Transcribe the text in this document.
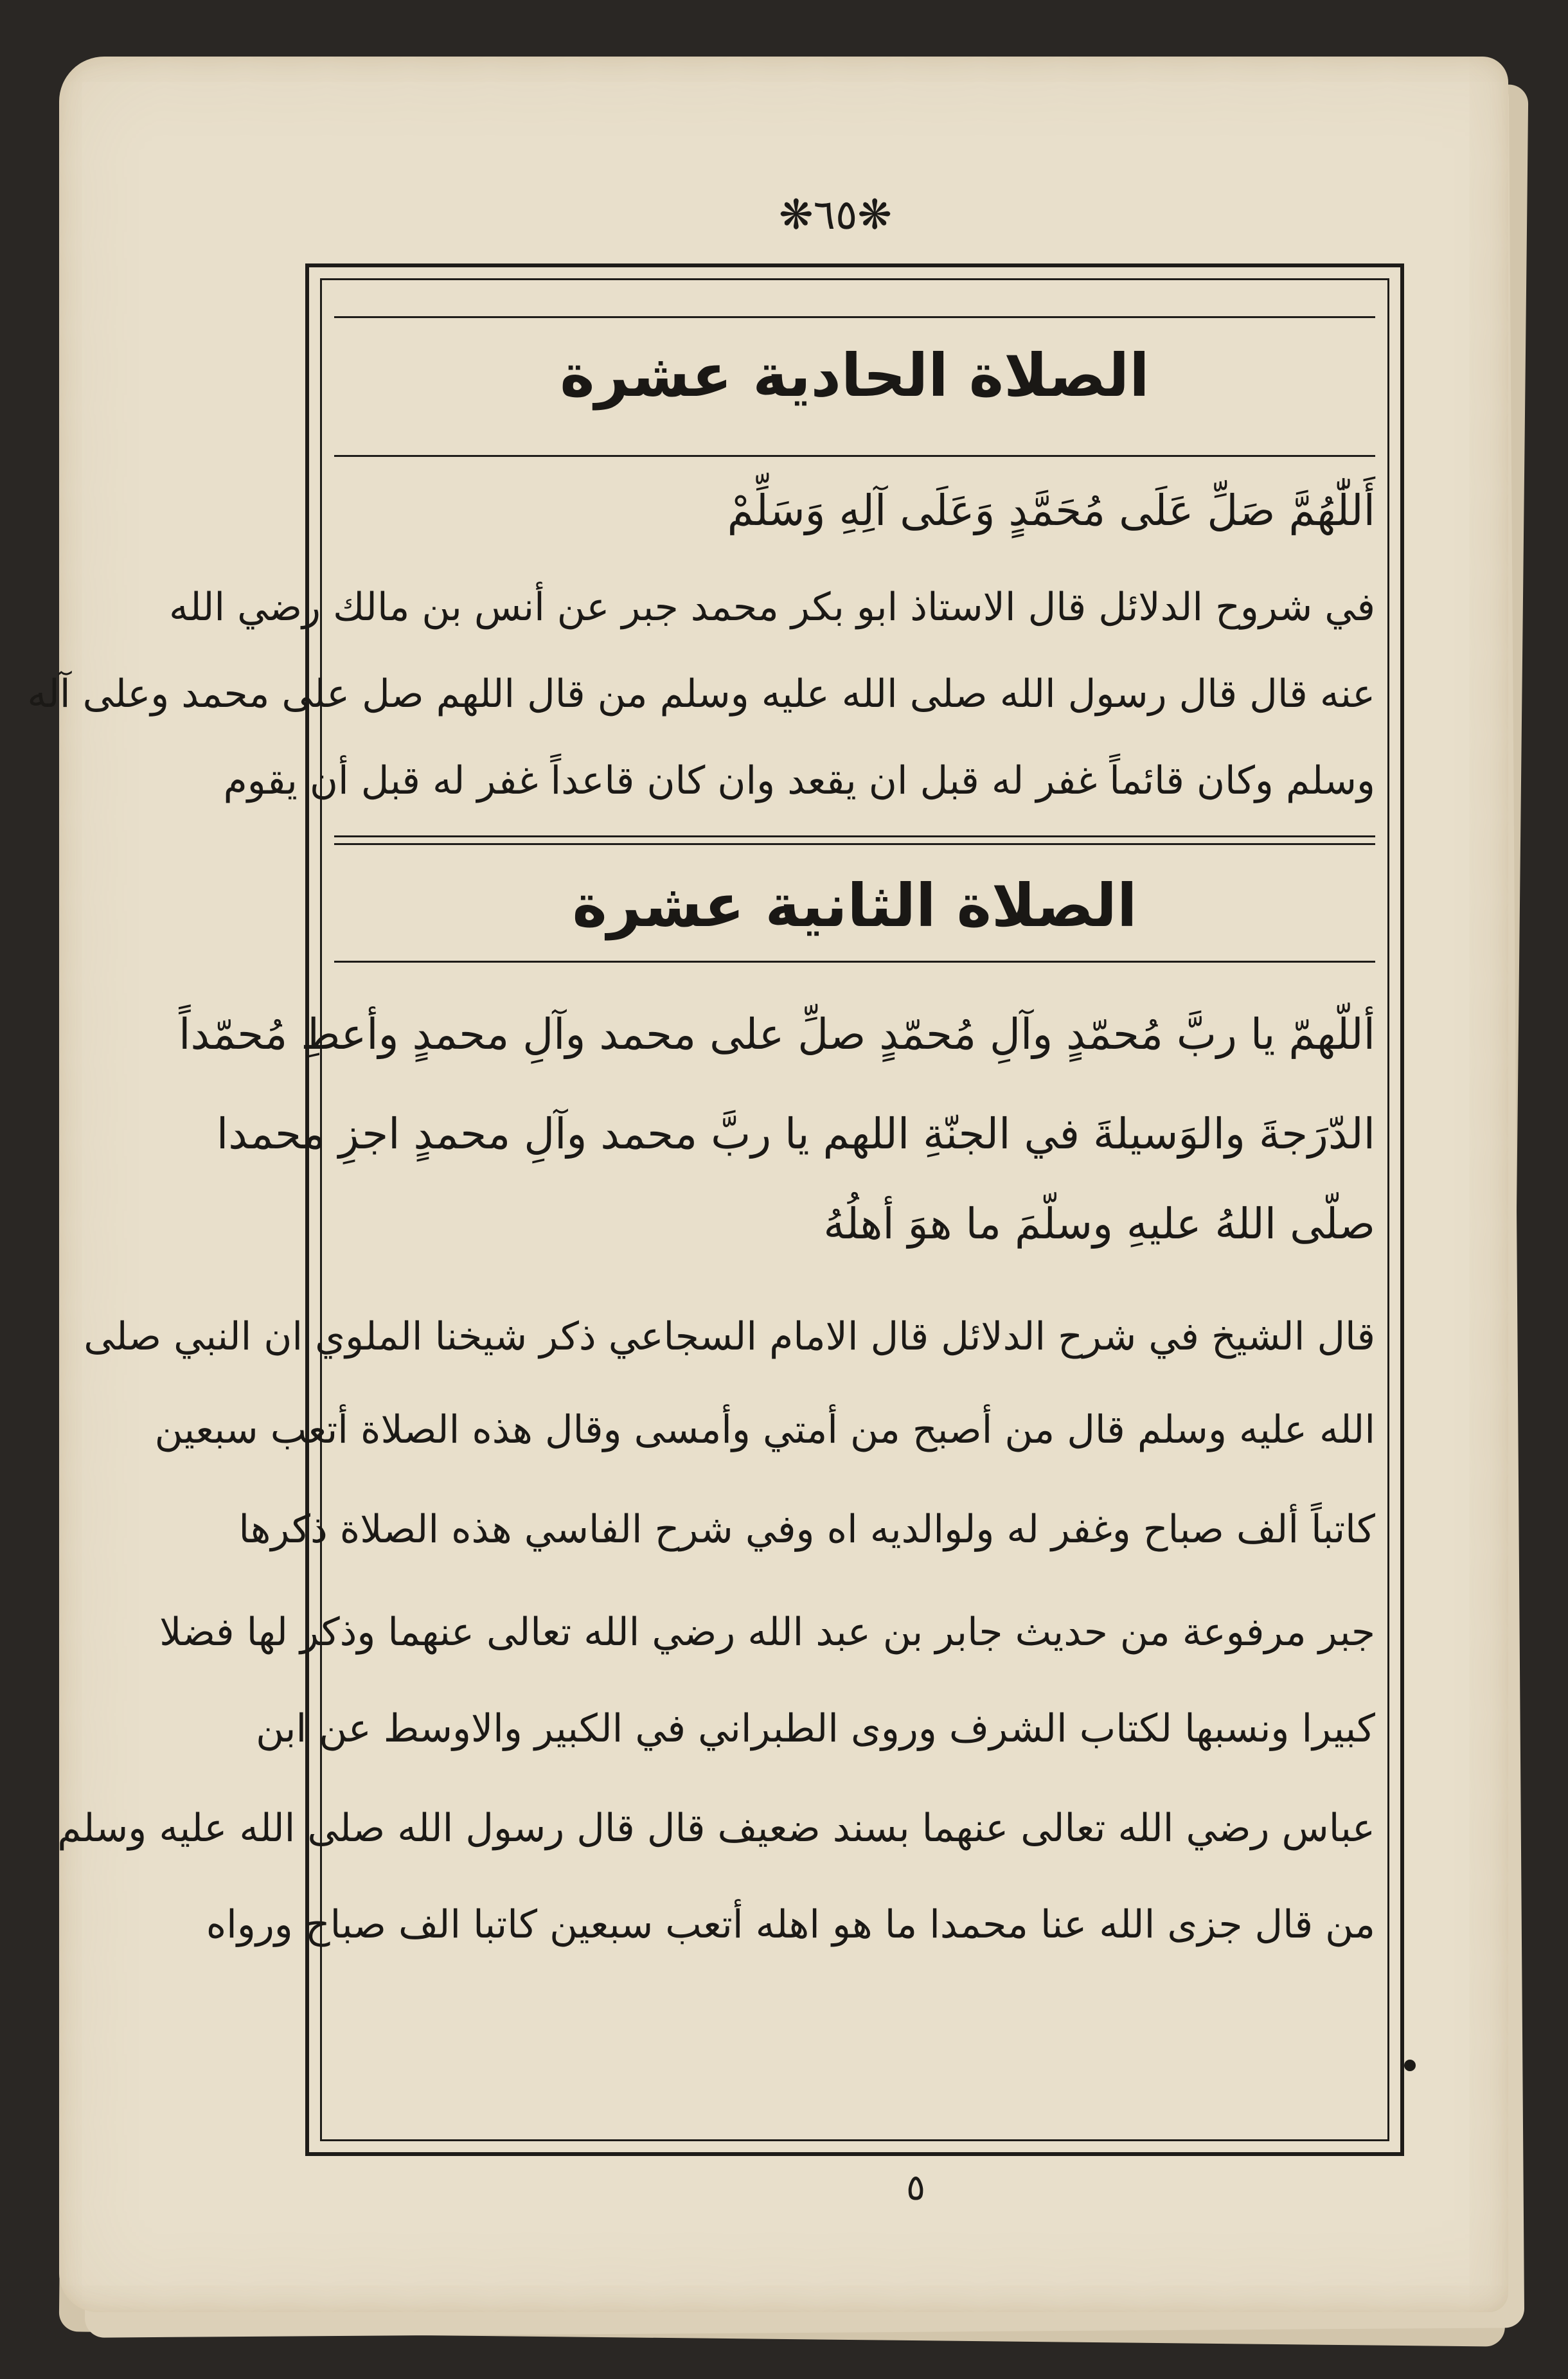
❋٦٥❋
الصلاة الحادية عشرة
أَللّٰهُمَّ صَلِّ عَلَى مُحَمَّدٍ وَعَلَى آلِهِ وَسَلِّمْ
في شروح الدلائل قال الاستاذ ابو بكر محمد جبر عن أنس بن مالك رضي الله
عنه قال قال رسول الله صلى الله عليه وسلم من قال اللهم صل على محمد وعلى آله
وسلم وكان قائماً غفر له قبل ان يقعد وان كان قاعداً غفر له قبل أن يقوم
الصلاة الثانية عشرة
أللّهمّ يا ربَّ مُحمّدٍ وآلِ مُحمّدٍ صلِّ على محمد وآلِ محمدٍ وأعطِ مُحمّداً
الدّرَجةَ والوَسيلةَ في الجنّةِ اللهم يا ربَّ محمد وآلِ محمدٍ اجزِ محمدا
صلّى اللهُ عليهِ وسلّمَ ما هوَ أهلُهُ
قال الشيخ في شرح الدلائل قال الامام السجاعي ذكر شيخنا الملوي ان النبي صلى
الله عليه وسلم قال من أصبح من أمتي وأمسى وقال هذه الصلاة أتعب سبعين
كاتباً ألف صباح وغفر له ولوالديه اه وفي شرح الفاسي هذه الصلاة ذكرها
جبر مرفوعة من حديث جابر بن عبد الله رضي الله تعالى عنهما وذكر لها فضلا
كبيرا ونسبها لكتاب الشرف وروى الطبراني في الكبير والاوسط عن ابن
عباس رضي الله تعالى عنهما بسند ضعيف قال قال رسول الله صلى الله عليه وسلم
من قال جزى الله عنا محمدا ما هو اهله أتعب سبعين كاتبا الف صباح ورواه
٥
